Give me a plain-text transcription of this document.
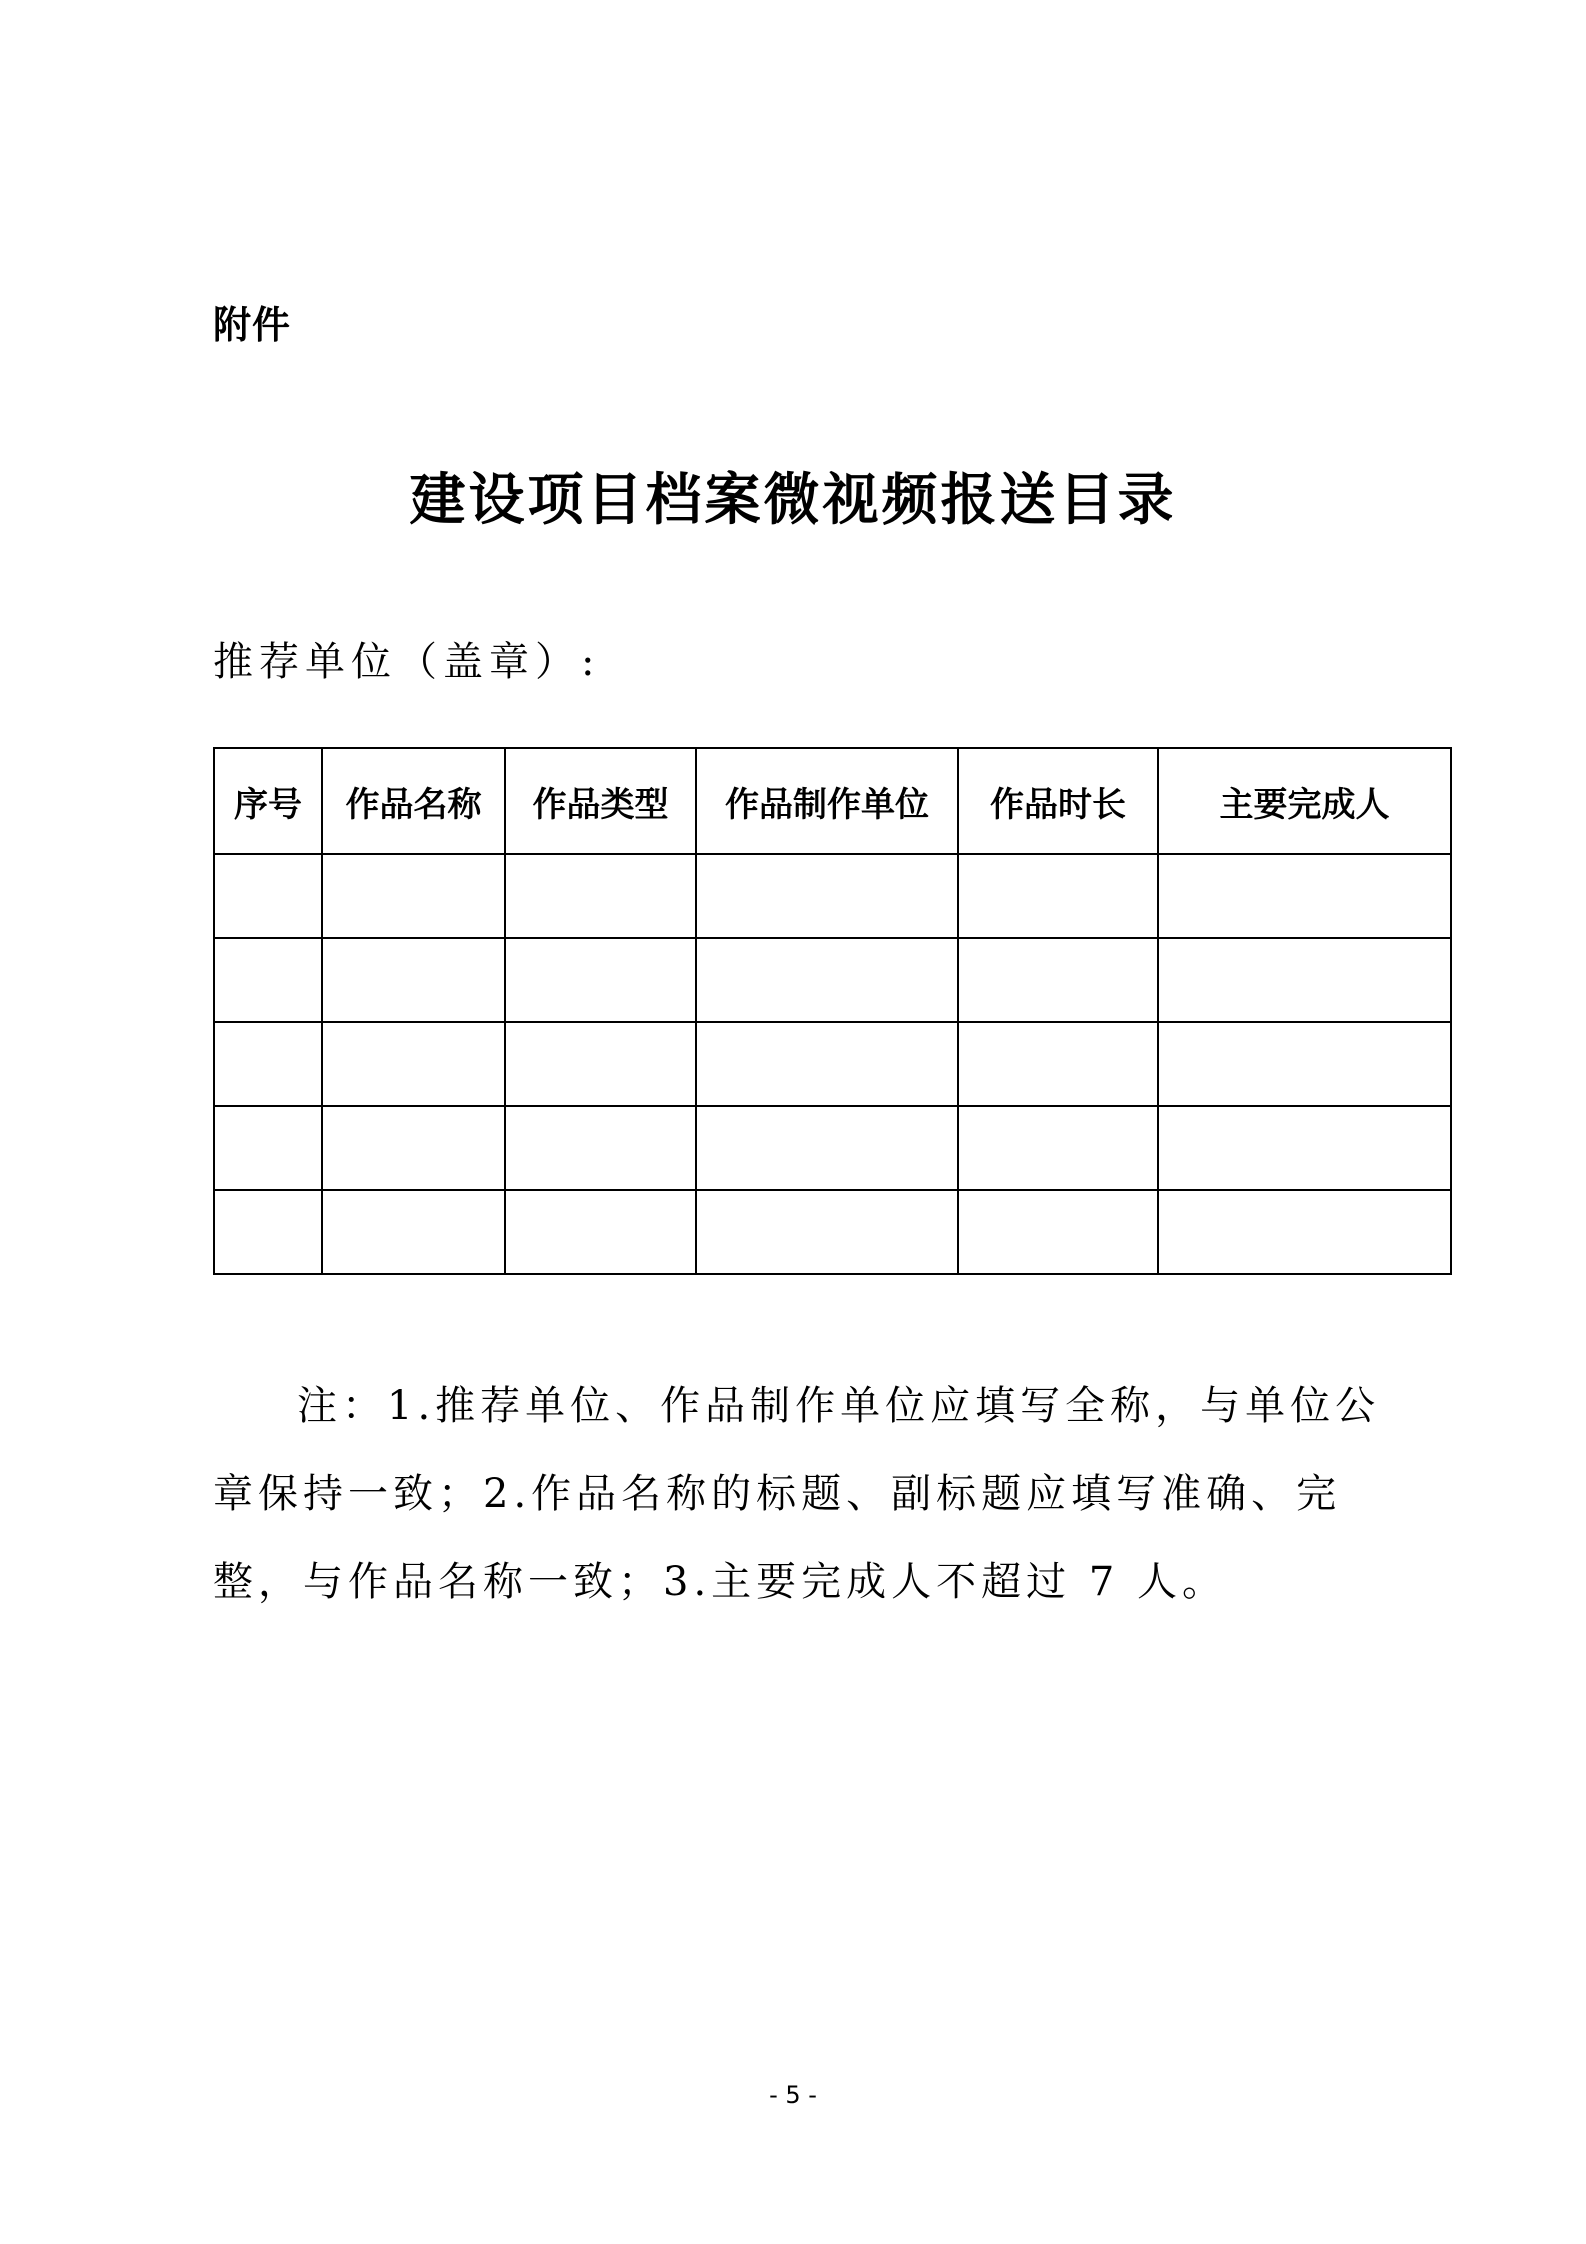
附件
建设项目档案微视频报送目录
推荐单位（盖章）:
序号	作品名称	作品类型	作品制作单位	作品时长	主要完成人

注：1.推荐单位、作品制作单位应填写全称，与单位公章保持一致；2.作品名称的标题、副标题应填写准确、完整，与作品名称一致；3.主要完成人不超过 7 人。

- 5 -
